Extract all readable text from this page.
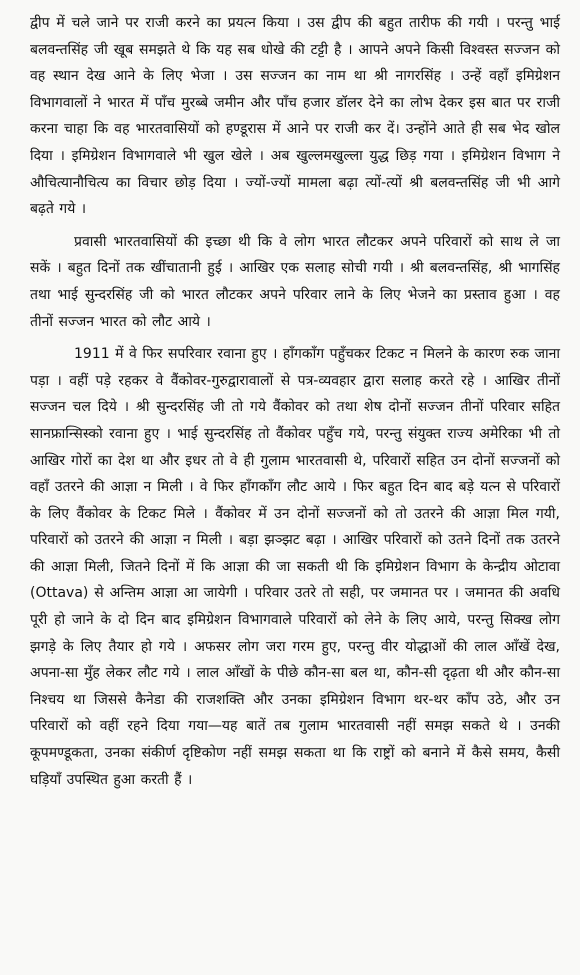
द्वीप में चले जाने पर राजी करने का प्रयत्न किया । उस द्वीप की बहुत तारीफ की गयी । परन्तु भाई बलवन्तसिंह जी खूब समझते थे कि यह सब धोखे की टट्टी है । आपने अपने किसी विश्वस्त सज्जन को वह स्थान देख आने के लिए भेजा । उस सज्जन का नाम था श्री नागरसिंह । उन्हें वहाँ इमिग्रेशन विभागवालों ने भारत में पाँच मुरब्बे जमीन और पाँच हजार डॉलर देने का लोभ देकर इस बात पर राजी करना चाहा कि वह भारतवासियों को हण्डूरास में आने पर राजी कर दें। उन्होंने आते ही सब भेद खोल दिया । इमिग्रेशन विभागवाले भी खुल खेले । अब खुल्लमखुल्ला युद्ध छिड़ गया । इमिग्रेशन विभाग ने औचित्यानौचित्य का विचार छोड़ दिया । ज्यों-ज्यों मामला बढ़ा त्यों-त्यों श्री बलवन्तसिंह जी भी आगे बढ़ते गये ।

प्रवासी भारतवासियों की इच्छा थी कि वे लोग भारत लौटकर अपने परिवारों को साथ ले जा सकें । बहुत दिनों तक खींचातानी हुई । आखिर एक सलाह सोची गयी । श्री बलवन्तसिंह, श्री भागसिंह तथा भाई सुन्दरसिंह जी को भारत लौटकर अपने परिवार लाने के लिए भेजने का प्रस्ताव हुआ । वह तीनों सज्जन भारत को लौट आये ।

1911 में वे फिर सपरिवार रवाना हुए । हाँगकाँग पहुँचकर टिकट न मिलने के कारण रुक जाना पड़ा । वहीं पड़े रहकर वे वैंकोवर-गुरुद्वारावालों से पत्र-व्यवहार द्वारा सलाह करते रहे । आखिर तीनों सज्जन चल दिये । श्री सुन्दरसिंह जी तो गये वैंकोवर को तथा शेष दोनों सज्जन तीनों परिवार सहित सानफ्रान्सिस्को रवाना हुए । भाई सुन्दरसिंह तो वैंकोवर पहुँच गये, परन्तु संयुक्त राज्य अमेरिका भी तो आखिर गोरों का देश था और इधर तो वे ही गुलाम भारतवासी थे, परिवारों सहित उन दोनों सज्जनों को वहाँ उतरने की आज्ञा न मिली । वे फिर हाँगकाँग लौट आये । फिर बहुत दिन बाद बड़े यत्न से परिवारों के लिए वैंकोवर के टिकट मिले । वैंकोवर में उन दोनों सज्जनों को तो उतरने की आज्ञा मिल गयी, परिवारों को उतरने की आज्ञा न मिली । बड़ा झञ्झट बढ़ा । आखिर परिवारों को उतने दिनों तक उतरने की आज्ञा मिली, जितने दिनों में कि आज्ञा की जा सकती थी कि इमिग्रेशन विभाग के केन्द्रीय ओटावा (Ottava) से अन्तिम आज्ञा आ जायेगी । परिवार उतरे तो सही, पर जमानत पर । जमानत की अवधि पूरी हो जाने के दो दिन बाद इमिग्रेशन विभागवाले परिवारों को लेने के लिए आये, परन्तु सिक्ख लोग झगड़े के लिए तैयार हो गये । अफसर लोग जरा गरम हुए, परन्तु वीर योद्धाओं की लाल आँखें देख, अपना-सा मुँह लेकर लौट गये । लाल आँखों के पीछे कौन-सा बल था, कौन-सी दृढ़ता थी और कौन-सा निश्चय था जिससे कैनेडा की राजशक्ति और उनका इमिग्रेशन विभाग थर-थर काँप उठे, और उन परिवारों को वहीं रहने दिया गया—यह बातें तब गुलाम भारतवासी नहीं समझ सकते थे । उनकी कूपमण्डूकता, उनका संकीर्ण दृष्टिकोण नहीं समझ सकता था कि राष्ट्रों को बनाने में कैसे समय, कैसी घड़ियाँ उपस्थित हुआ करती हैं ।
